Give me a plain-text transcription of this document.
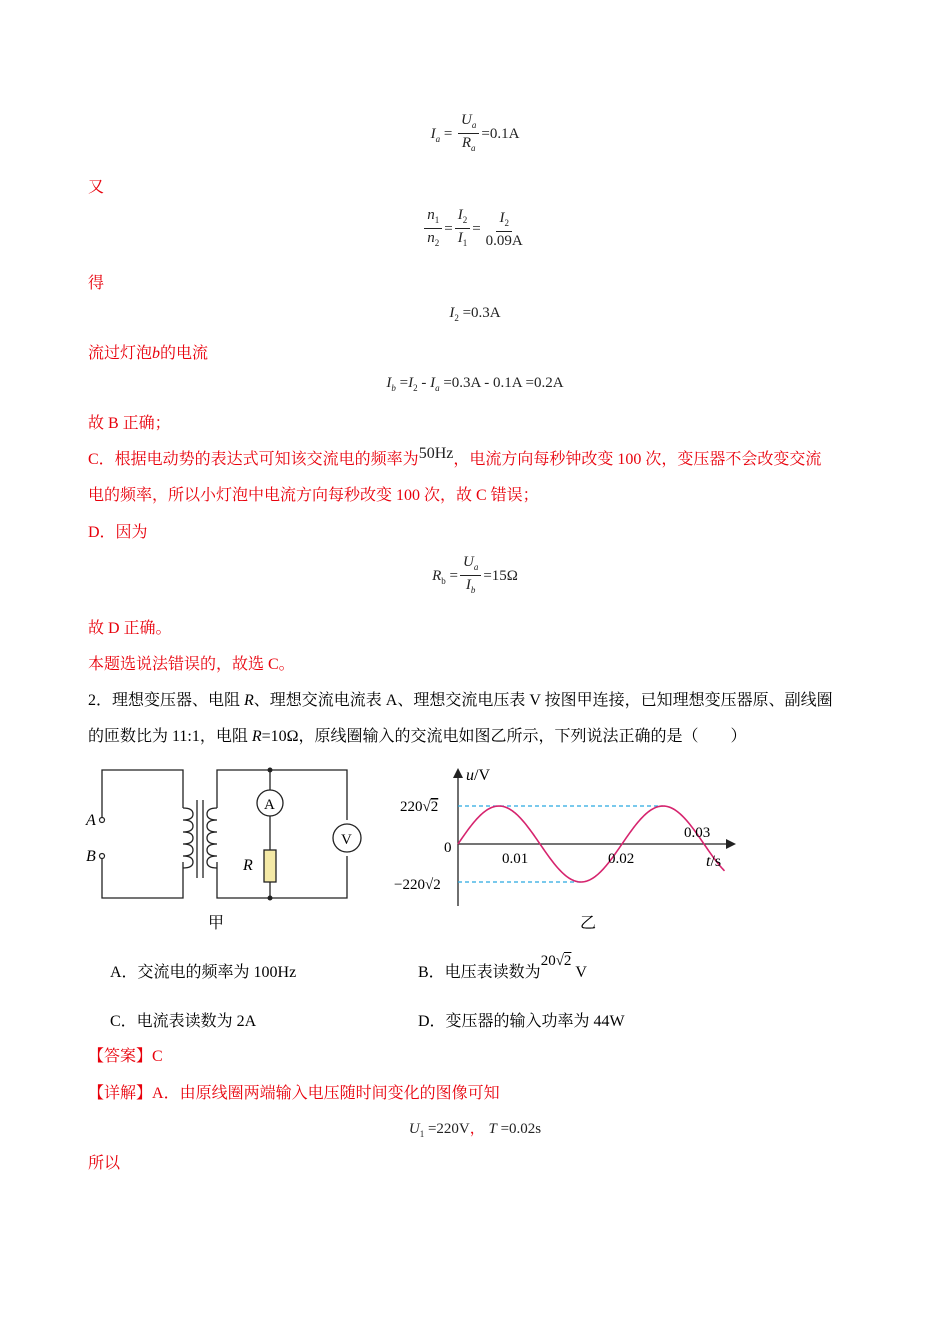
$I_a = \frac{U_a}{R_a} =0.1A$
又
$\frac{n_1}{n_2} = \frac{I_2}{I_1} = \frac{I_2}{0.09A}$
得
$I_2 =0.3A$
流过灯泡b的电流
$I_b =I_2 - I_a =0.3A - 0.1A =0.2A$
故 B 正确；
C．根据电动势的表达式可知该交流电的频率为50Hz，电流方向每秒钟改变 100 次，变压器不会改变交流
电的频率，所以小灯泡中电流方向每秒改变 100 次，故 C 错误；
D．因为
$R_b = \frac{U_a}{I_b} =15\Omega$
故 D 正确。
本题选说法错误的，故选 C。
2．理想变压器、电阻 R、理想交流电流表 A、理想交流电压表 V 按图甲连接，已知理想变压器原、副线圈
的匝数比为 11:1，电阻 R=10Ω，原线圈输入的交流电如图乙所示，下列说法正确的是（　　）
A
B
A
V
R
甲
u/V
t/s
220√2
−220√2
0
0.01	0.02
0.03
乙
A．交流电的频率为 100Hz	B．电压表读数为20√2 V
C．电流表读数为 2A	D．变压器的输入功率为 44W
【答案】C
【详解】A．由原线圈两端输入电压随时间变化的图像可知
$U_1 =220V$， T =0.02s
所以
